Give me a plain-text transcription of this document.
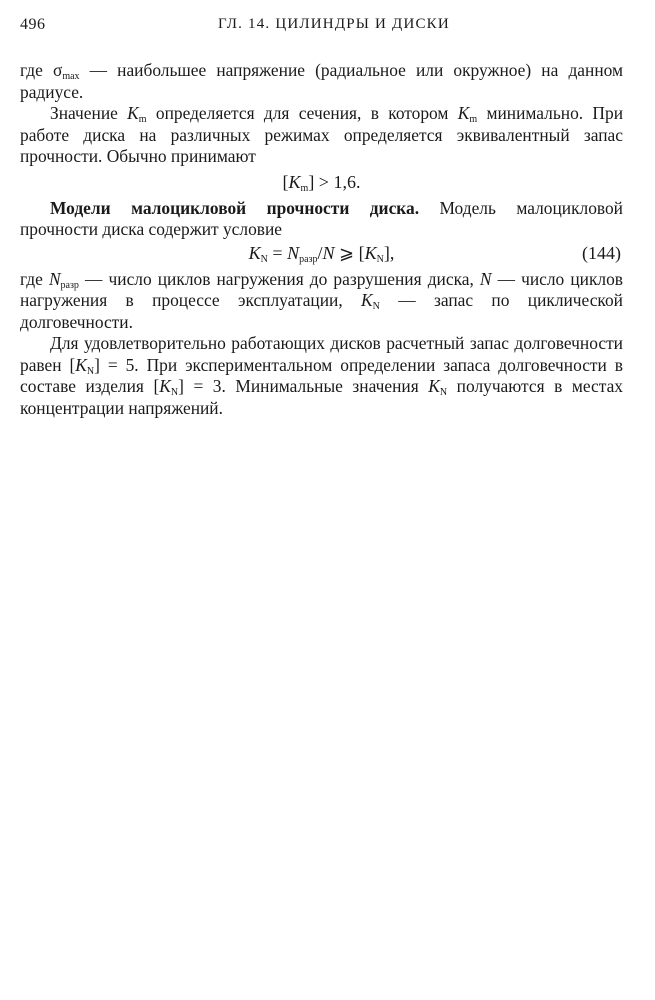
496	ГЛ. 14. ЦИЛИНДРЫ И ДИСКИ

где $\sigma_{max}$ — наибольшее напряжение (радиальное или окружное) на данном радиусе.

Значение $K_m$ определяется для сечения, в котором $K_m$ минимально. При работе диска на различных режимах определяется эквивалентный запас прочности. Обычно принимают

$[K_m] > 1,6$.

Модели малоцикловой прочности диска. Модель малоцикловой прочности диска содержит условие

$K_N = N_{разр}/N$ ⩾ $[K_N]$,	(144)

где $N_{разр}$ — число циклов нагружения до разрушения диска, N — число циклов нагружения в процессе эксплуатации, $K_N$ — запас по циклической долговечности.

Для удовлетворительно работающих дисков расчетный запас долговечности равен $[K_N] = 5$. При экспериментальном определении запаса долговечности в составе изделия $[K_N] = 3$. Минимальные значения $K_N$ получаются в местах концентрации напряжений.
